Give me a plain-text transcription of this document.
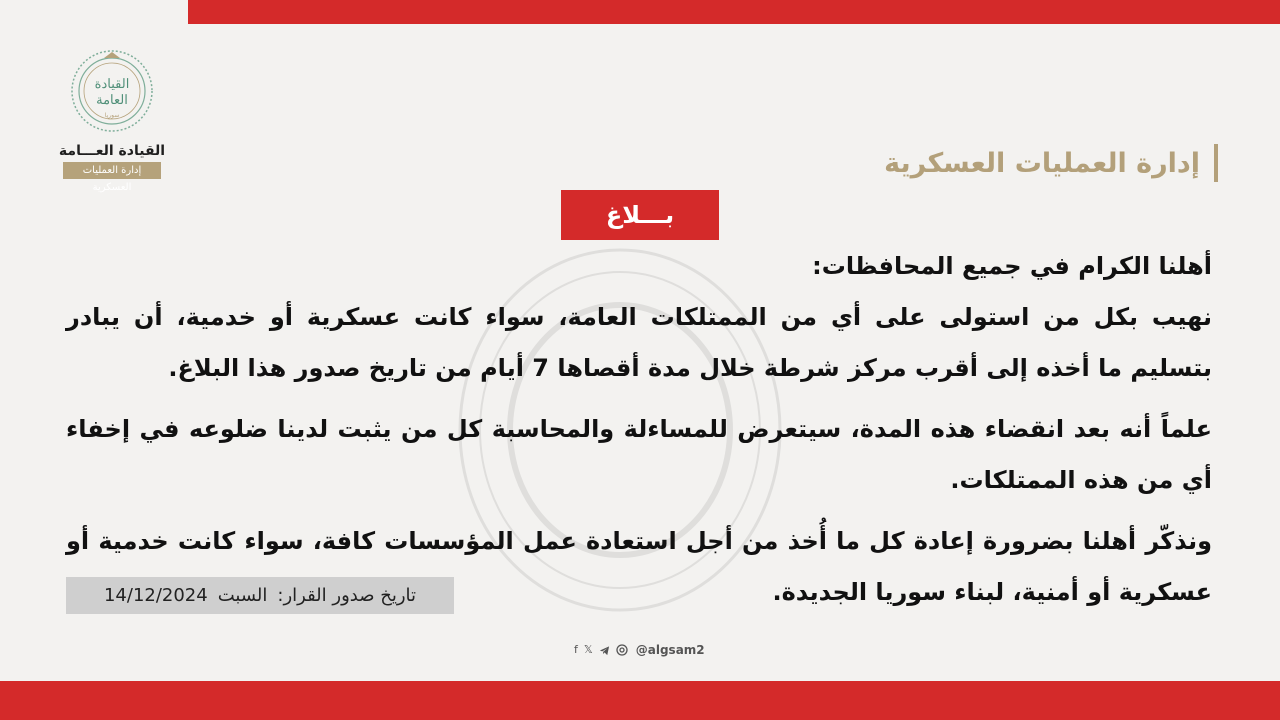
القيادة
العامة
سوريا
القيادة العـــامة
إدارة العمليات العسكرية
إدارة العمليات العسكرية
بـــلاغ

أهلنا الكرام في جميع المحافظات:

نهيب بكل من استولى على أي من الممتلكات العامة، سواء كانت عسكرية أو خدمية، أن يبادر بتسليم ما أخذه إلى أقرب مركز شرطة خلال مدة أقصاها 7 أيام من تاريخ صدور هذا البلاغ.

علماً أنه بعد انقضاء هذه المدة، سيتعرض للمساءلة والمحاسبة كل من يثبت لدينا ضلوعه في إخفاء أي من هذه الممتلكات.

ونذكّر أهلنا بضرورة إعادة كل ما أُخذ من أجل استعادة عمل المؤسسات كافة، سواء كانت خدمية أو عسكرية أو أمنية، لبناء سوريا الجديدة.

تاريخ صدور القرار:
السبت
14/12/2024
f 𝕏	@algsam2
